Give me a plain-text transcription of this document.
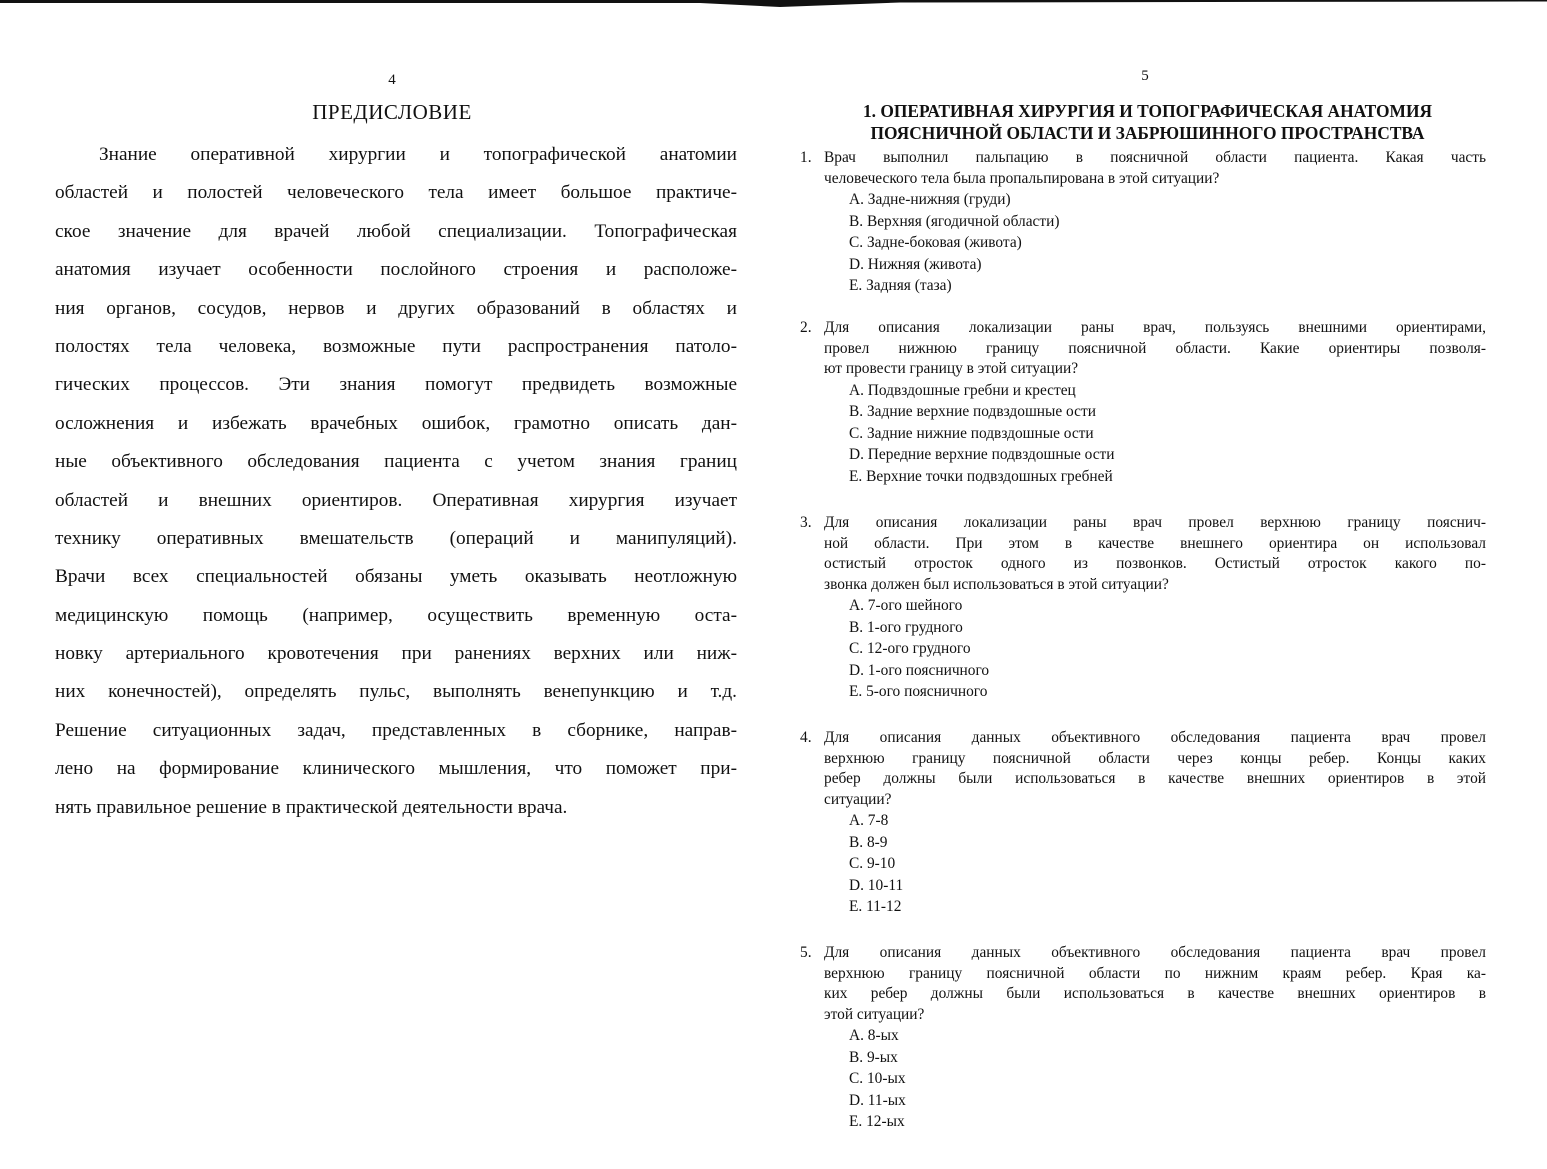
4
ПРЕДИСЛОВИЕ

Знание оперативной хирургии и топографической анатомии
областей и полостей человеческого тела имеет большое практиче-
ское значение для врачей любой специализации. Топографическая
анатомия изучает особенности послойного строения и расположе-
ния органов, сосудов, нервов и других образований в областях и
полостях тела человека, возможные пути распространения патоло-
гических процессов. Эти знания помогут предвидеть возможные
осложнения и избежать врачебных ошибок, грамотно описать дан-
ные объективного обследования пациента с учетом знания границ
областей и внешних ориентиров. Оперативная хирургия изучает
технику оперативных вмешательств (операций и манипуляций).
Врачи всех специальностей обязаны уметь оказывать неотложную
медицинскую помощь (например, осуществить временную оста-
новку артериального кровотечения при ранениях верхних или ниж-
них конечностей), определять пульс, выполнять венепункцию и т.д.
Решение ситуационных задач, представленных в сборнике, направ-
лено на формирование клинического мышления, что поможет при-
нять правильное решение в практической деятельности врача.

5
1. ОПЕРАТИВНАЯ ХИРУРГИЯ И ТОПОГРАФИЧЕСКАЯ АНАТОМИЯ
ПОЯСНИЧНОЙ ОБЛАСТИ И ЗАБРЮШИННОГО ПРОСТРАНСТВА
1. Врач выполнил пальпацию в поясничной области пациента. Какая часть
человеческого тела была пропальпирована в этой ситуации?
A. Задне-нижняя (груди)
B. Верхняя (ягодичной области)
C. Задне-боковая (живота)
D. Нижняя (живота)
E. Задняя (таза)
2. Для описания локализации раны врач, пользуясь внешними ориентирами,
провел нижнюю границу поясничной области. Какие ориентиры позволя-
ют провести границу в этой ситуации?
A. Подвздошные гребни и крестец
B. Задние верхние подвздошные ости
C. Задние нижние подвздошные ости
D. Передние верхние подвздошные ости
E. Верхние точки подвздошных гребней
3. Для описания локализации раны врач провел верхнюю границу пояснич-
ной области. При этом в качестве внешнего ориентира он использовал
остистый отросток одного из позвонков. Остистый отросток какого по-
звонка должен был использоваться в этой ситуации?
A. 7-ого шейного
B. 1-ого грудного
C. 12-ого грудного
D. 1-ого поясничного
E. 5-ого поясничного
4. Для описания данных объективного обследования пациента врач провел
верхнюю границу поясничной области через концы ребер. Концы каких
ребер должны были использоваться в качестве внешних ориентиров в этой
ситуации?
A. 7-8
B. 8-9
C. 9-10
D. 10-11
E. 11-12
5. Для описания данных объективного обследования пациента врач провел
верхнюю границу поясничной области по нижним краям ребер. Края ка-
ких ребер должны были использоваться в качестве внешних ориентиров в
этой ситуации?
A. 8-ых
B. 9-ых
C. 10-ых
D. 11-ых
E. 12-ых
